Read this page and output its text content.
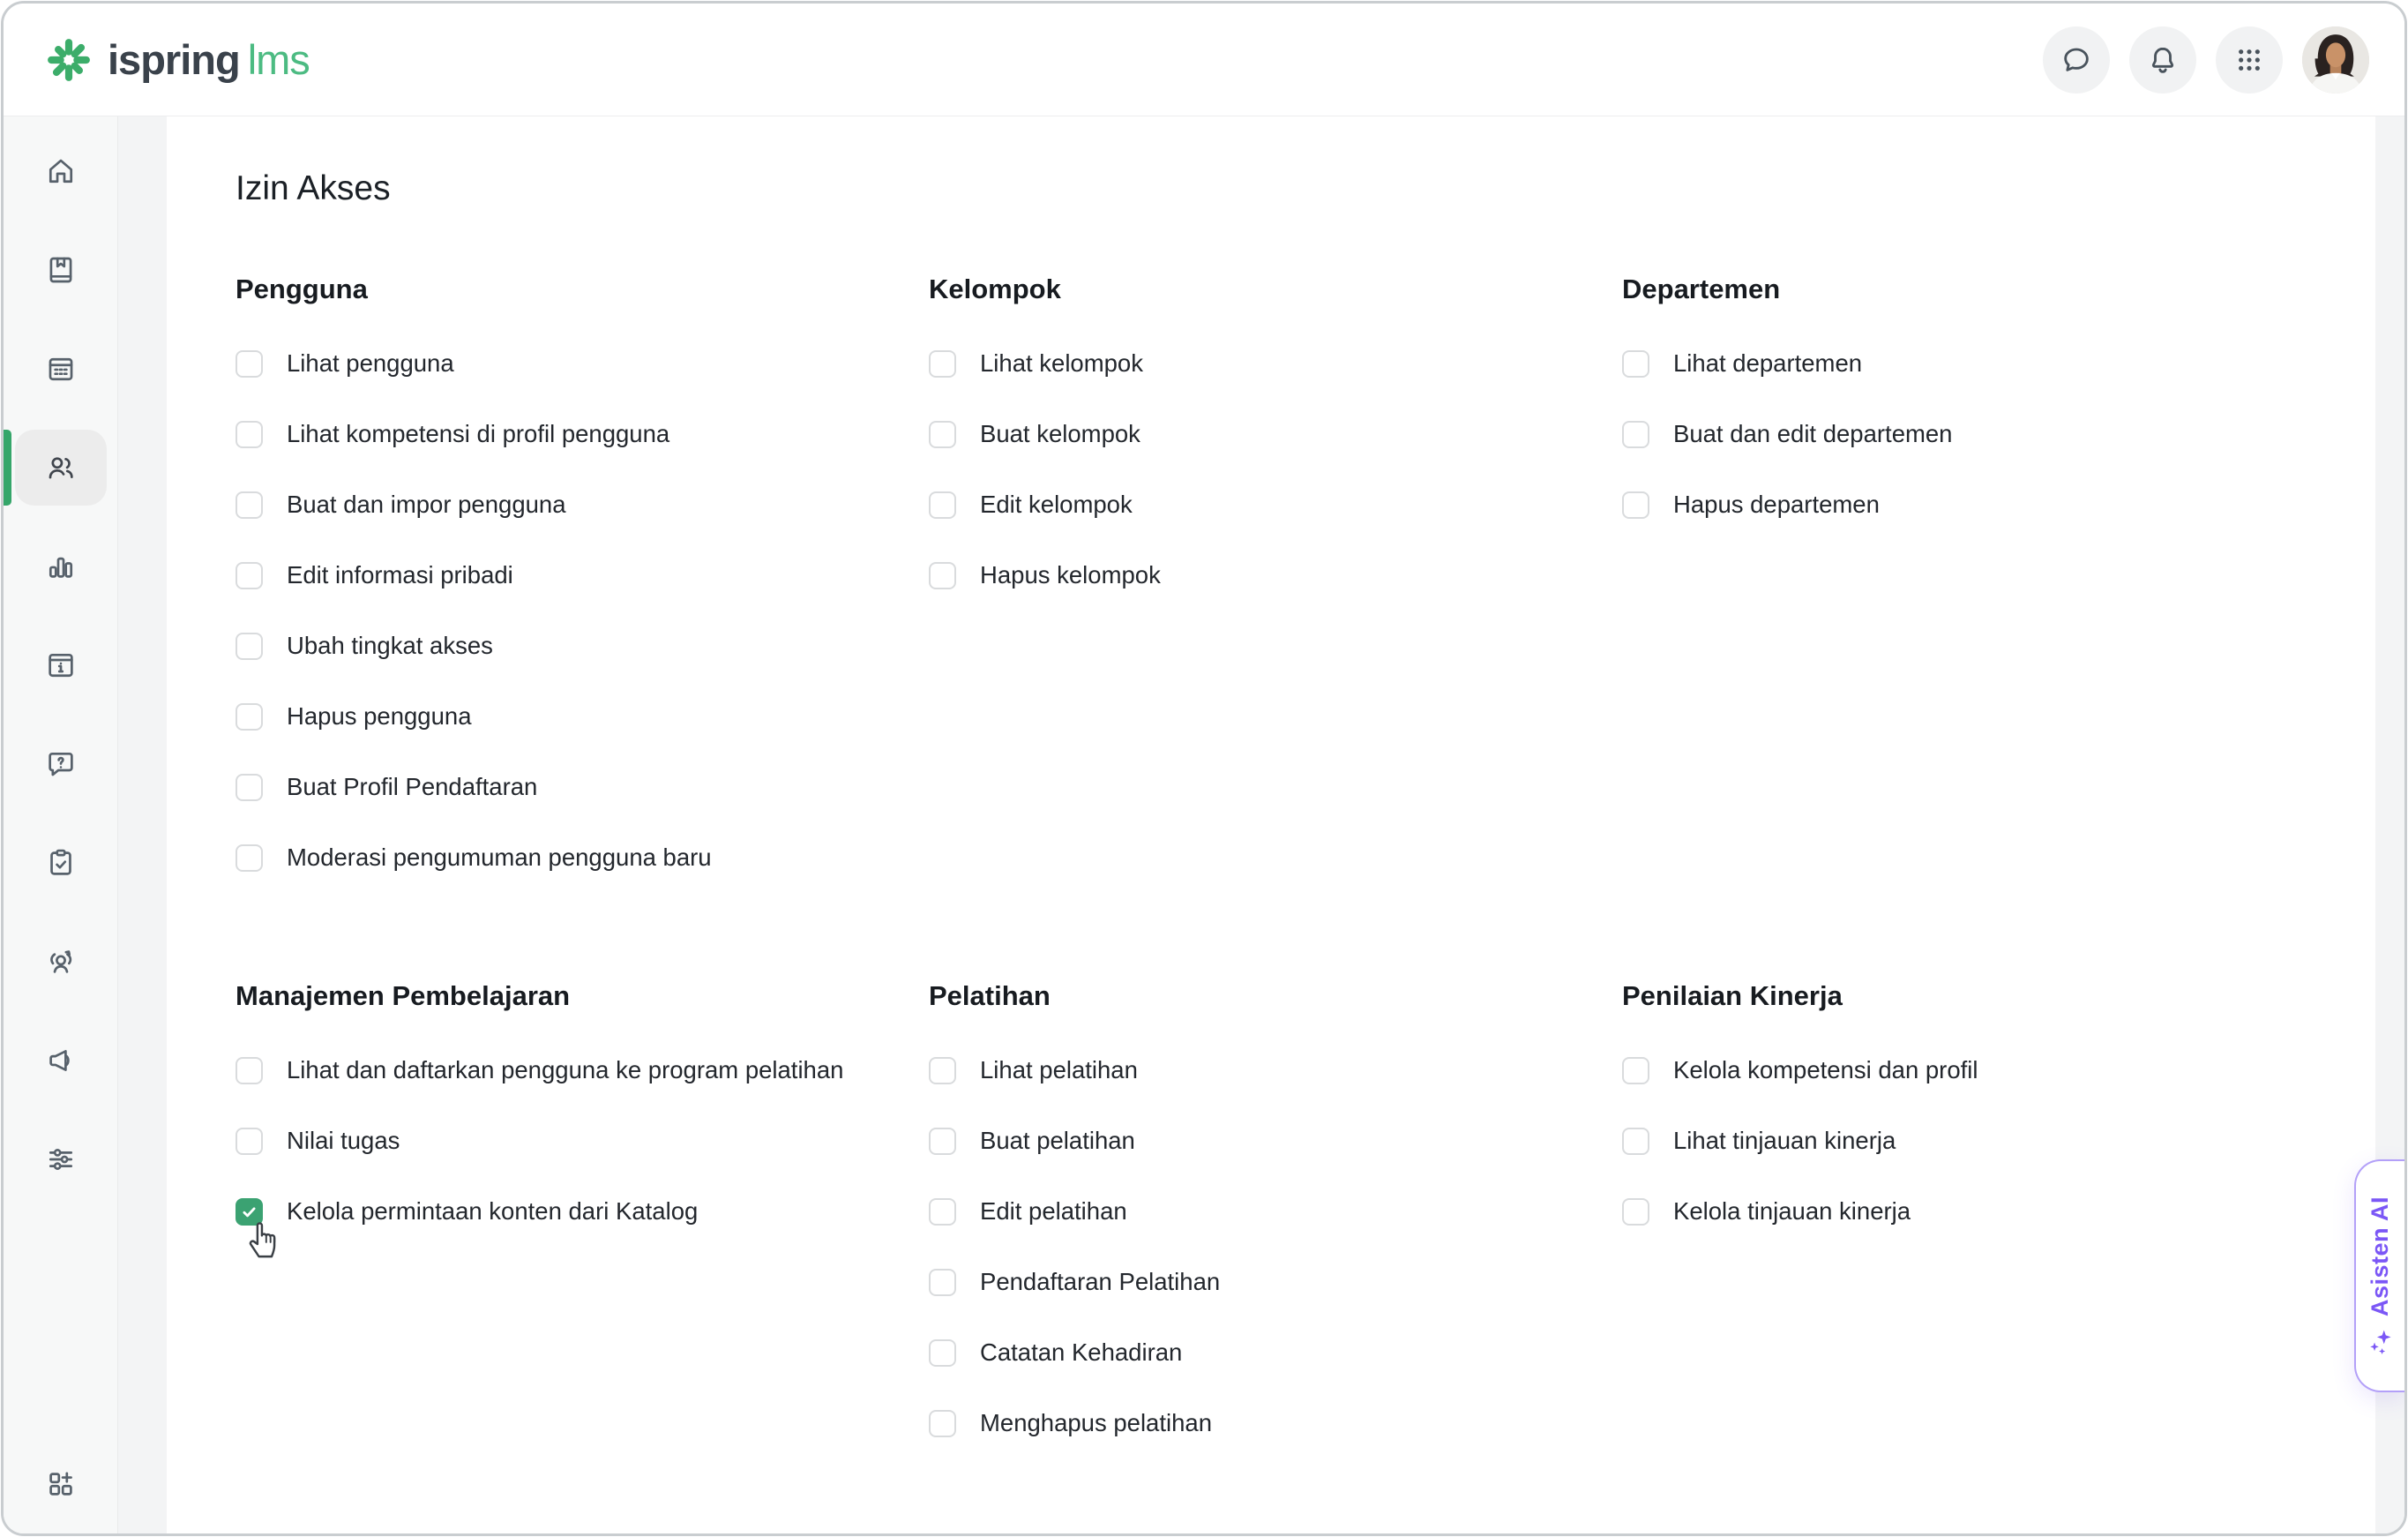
ispring lms
Izin Akses
Pengguna
Lihat pengguna
Lihat kompetensi di profil pengguna
Buat dan impor pengguna
Edit informasi pribadi
Ubah tingkat akses
Hapus pengguna
Buat Profil Pendaftaran
Moderasi pengumuman pengguna baru
Kelompok
Lihat kelompok
Buat kelompok
Edit kelompok
Hapus kelompok
Departemen
Lihat departemen
Buat dan edit departemen
Hapus departemen
Manajemen Pembelajaran
Lihat dan daftarkan pengguna ke program pelatihan
Nilai tugas
Kelola permintaan konten dari Katalog
Pelatihan
Lihat pelatihan
Buat pelatihan
Edit pelatihan
Pendaftaran Pelatihan
Catatan Kehadiran
Menghapus pelatihan
Penilaian Kinerja
Kelola kompetensi dan profil
Lihat tinjauan kinerja
Kelola tinjauan kinerja	Asisten AI
